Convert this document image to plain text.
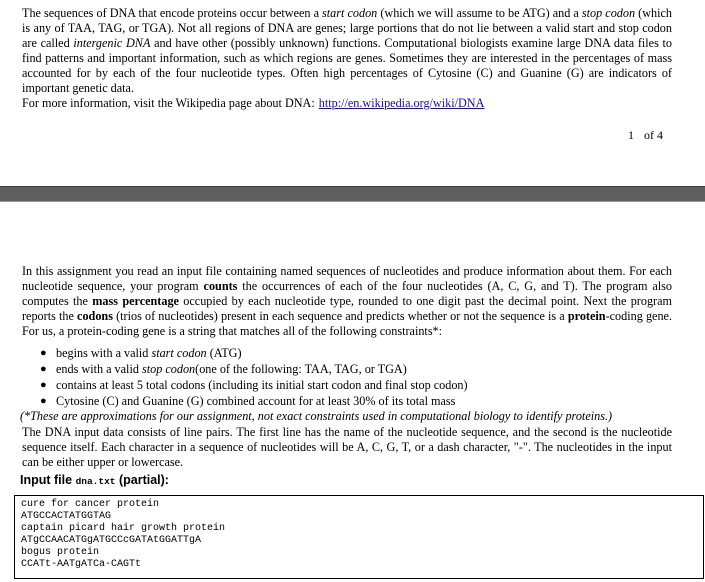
The sequences of DNA that encode proteins occur between a start codon (which we will assume to be ATG) and a stop codon (which is any of TAA, TAG, or TGA). Not all regions of DNA are genes; large portions that do not lie between a valid start and stop codon are called intergenic DNA and have other (possibly unknown) functions. Computational biologists examine large DNA data files to find patterns and important information, such as which regions are genes. Sometimes they are interested in the percentages of mass accounted for by each of the four nucleotide types. Often high percentages of Cytosine (C) and Guanine (G) are indicators of important genetic data.
For more information, visit the Wikipedia page about DNA: http://en.wikipedia.org/wiki/DNA

1 of 4

In this assignment you read an input file containing named sequences of nucleotides and produce information about them. For each nucleotide sequence, your program counts the occurrences of each of the four nucleotides (A, C, G, and T). The program also computes the mass percentage occupied by each nucleotide type, rounded to one digit past the decimal point. Next the program reports the codons (trios of nucleotides) present in each sequence and predicts whether or not the sequence is a protein-coding gene. For us, a protein-coding gene is a string that matches all of the following constraints*:

● begins with a valid start codon (ATG)
● ends with a valid stop codon(one of the following: TAA, TAG, or TGA)
● contains at least 5 total codons (including its initial start codon and final stop codon)
● Cytosine (C) and Guanine (G) combined account for at least 30% of its total mass

(*These are approximations for our assignment, not exact constraints used in computational biology to identify proteins.)

The DNA input data consists of line pairs. The first line has the name of the nucleotide sequence, and the second is the nucleotide sequence itself. Each character in a sequence of nucleotides will be A, C, G, T, or a dash character, "-". The nucleotides in the input can be either upper or lowercase.

Input file dna.txt (partial):
cure for cancer protein
ATGCCACTATGGTAG
captain picard hair growth protein
ATgCCAACATGgATGCCcGATAtGGATTgA
bogus protein
CCATt-AATgATCa-CAGTt
